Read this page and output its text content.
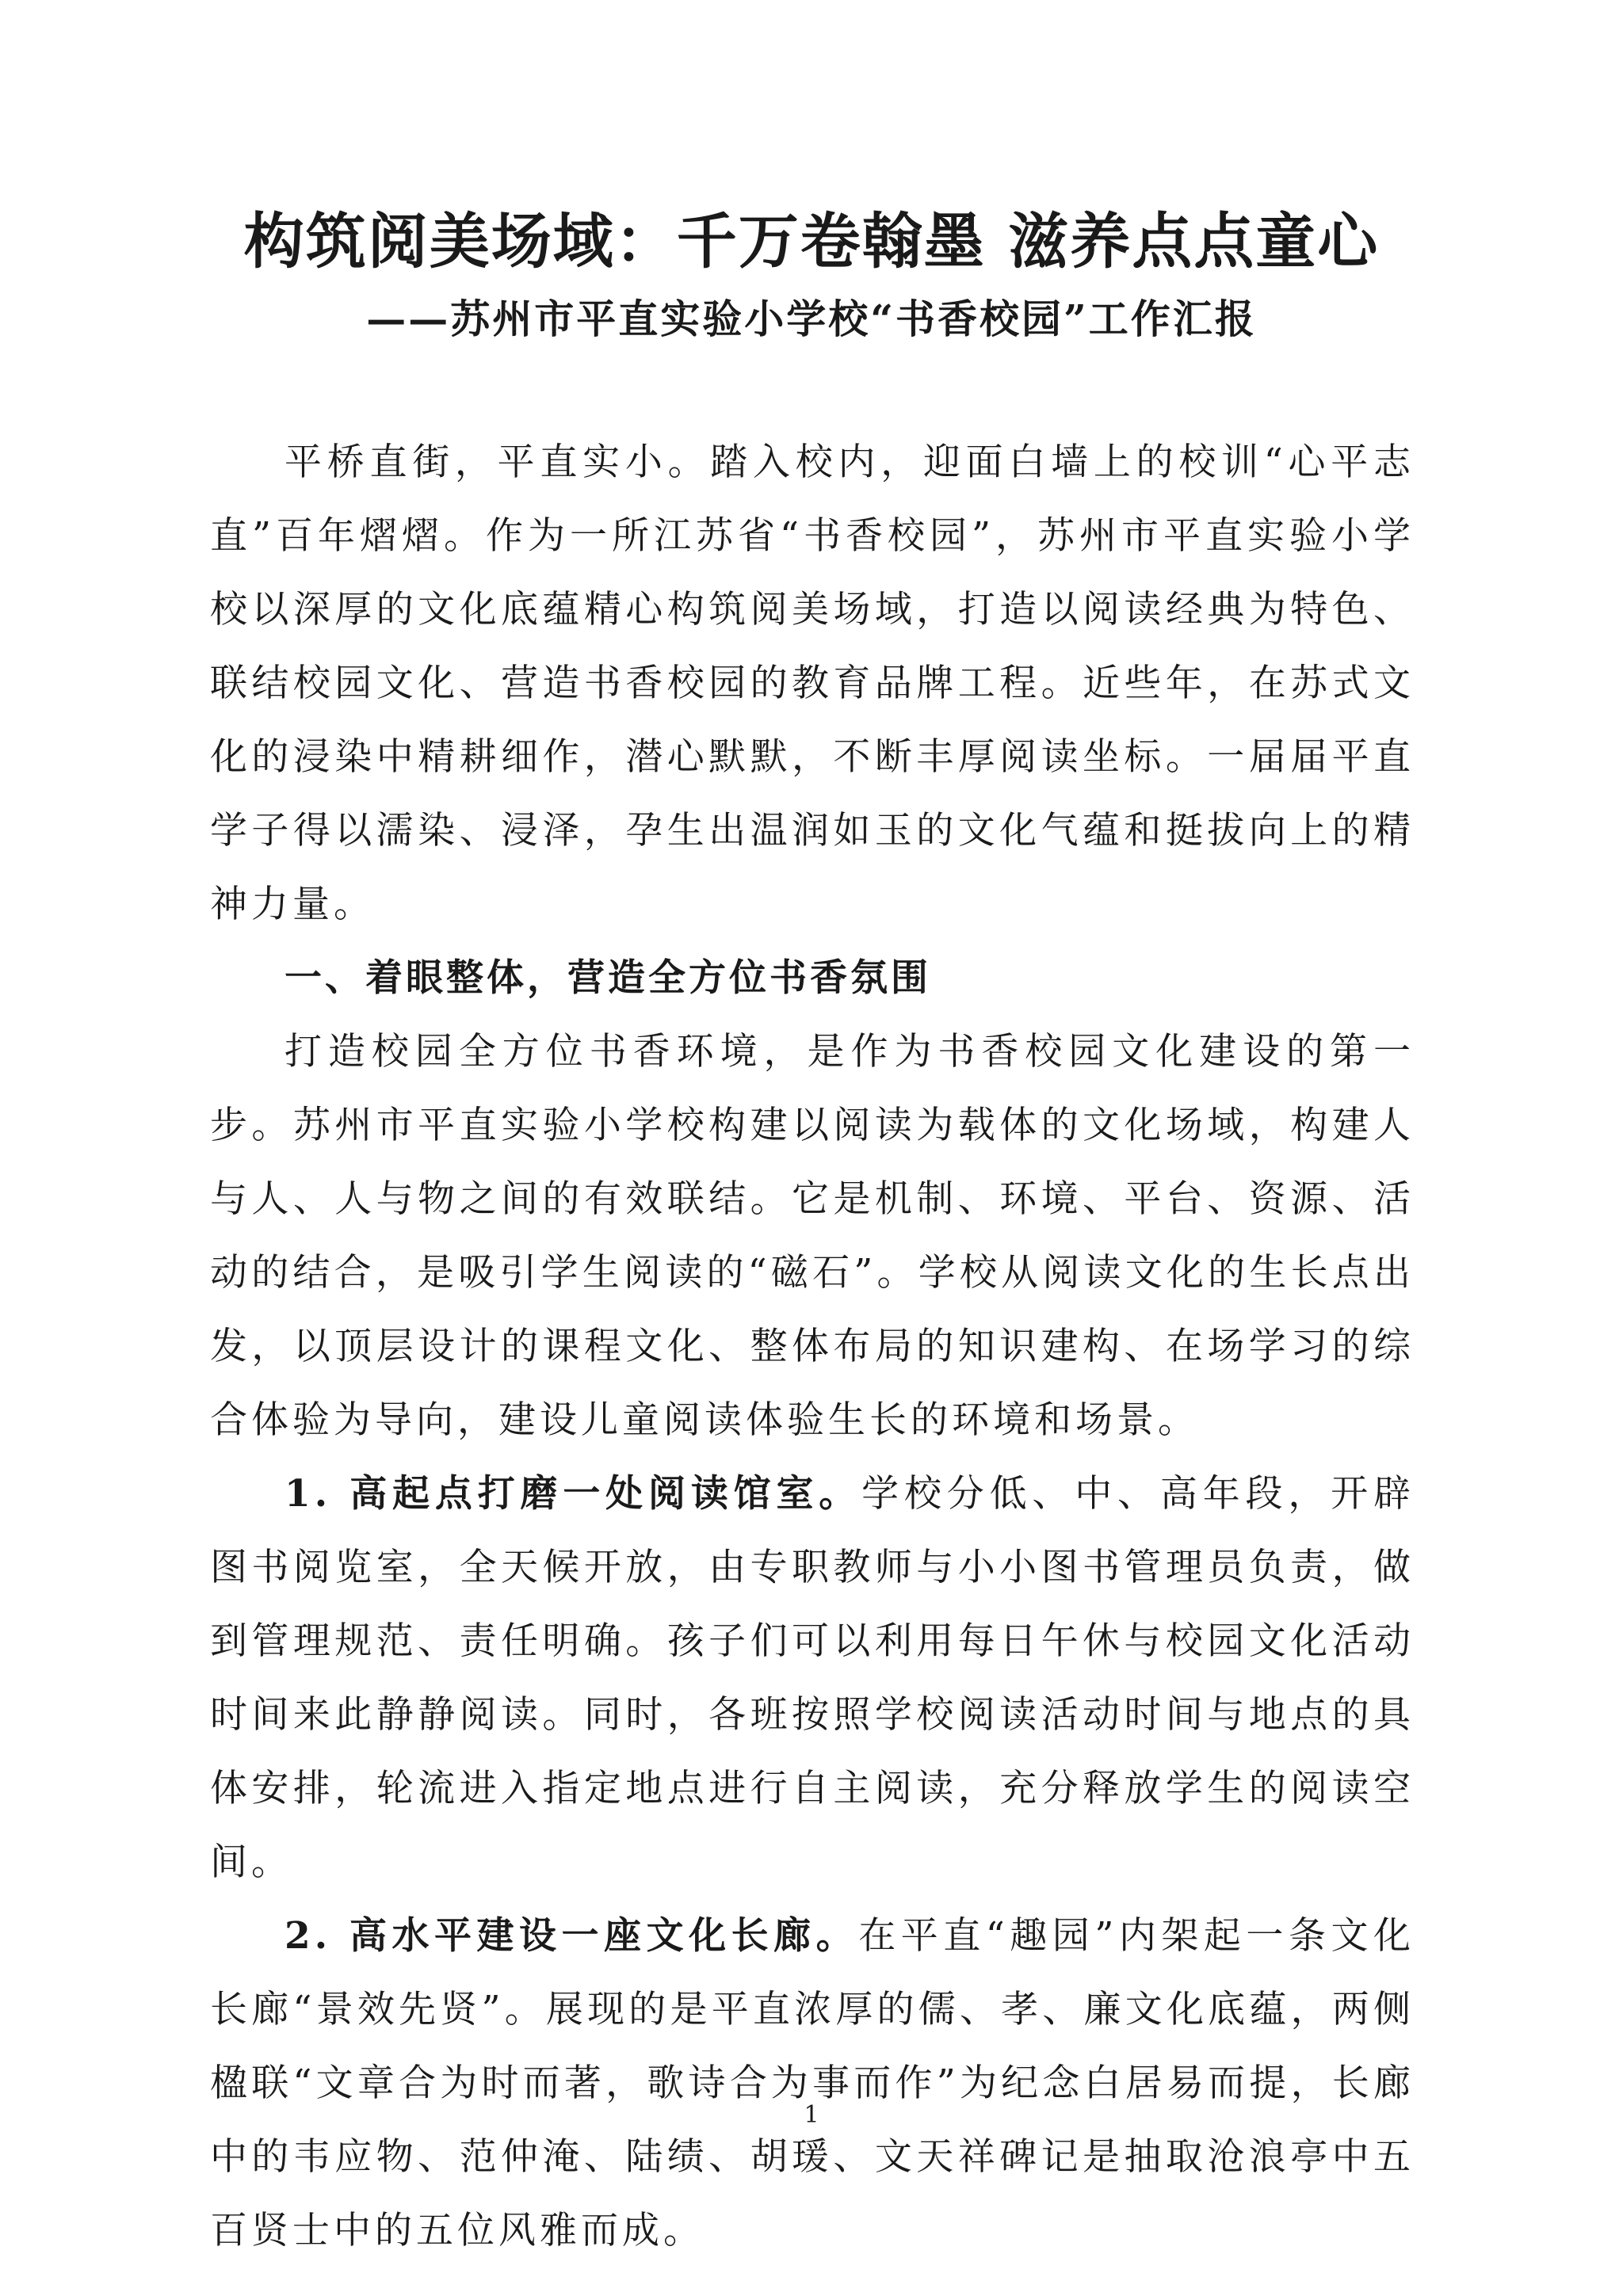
构筑阅美场域：千万卷翰墨 滋养点点童心
——苏州市平直实验小学校“书香校园”工作汇报

平桥直街，平直实小。踏入校内，迎面白墙上的校训“心平志直”百年熠熠。作为一所江苏省“书香校园”，苏州市平直实验小学校以深厚的文化底蕴精心构筑阅美场域，打造以阅读经典为特色、联结校园文化、营造书香校园的教育品牌工程。近些年，在苏式文化的浸染中精耕细作，潜心默默，不断丰厚阅读坐标。一届届平直学子得以濡染、浸泽，孕生出温润如玉的文化气蕴和挺拔向上的精神力量。

一、着眼整体，营造全方位书香氛围

打造校园全方位书香环境，是作为书香校园文化建设的第一步。苏州市平直实验小学校构建以阅读为载体的文化场域，构建人与人、人与物之间的有效联结。它是机制、环境、平台、资源、活动的结合，是吸引学生阅读的“磁石”。学校从阅读文化的生长点出发，以顶层设计的课程文化、整体布局的知识建构、在场学习的综合体验为导向，建设儿童阅读体验生长的环境和场景。

1. 高起点打磨一处阅读馆室。学校分低、中、高年段，开辟图书阅览室，全天候开放，由专职教师与小小图书管理员负责，做到管理规范、责任明确。孩子们可以利用每日午休与校园文化活动时间来此静静阅读。同时，各班按照学校阅读活动时间与地点的具体安排，轮流进入指定地点进行自主阅读，充分释放学生的阅读空间。

2. 高水平建设一座文化长廊。在平直“趣园”内架起一条文化长廊“景效先贤”。展现的是平直浓厚的儒、孝、廉文化底蕴，两侧楹联“文章合为时而著，歌诗合为事而作”为纪念白居易而提，长廊中的韦应物、范仲淹、陆绩、胡瑗、文天祥碑记是抽取沧浪亭中五百贤士中的五位风雅而成。

1
